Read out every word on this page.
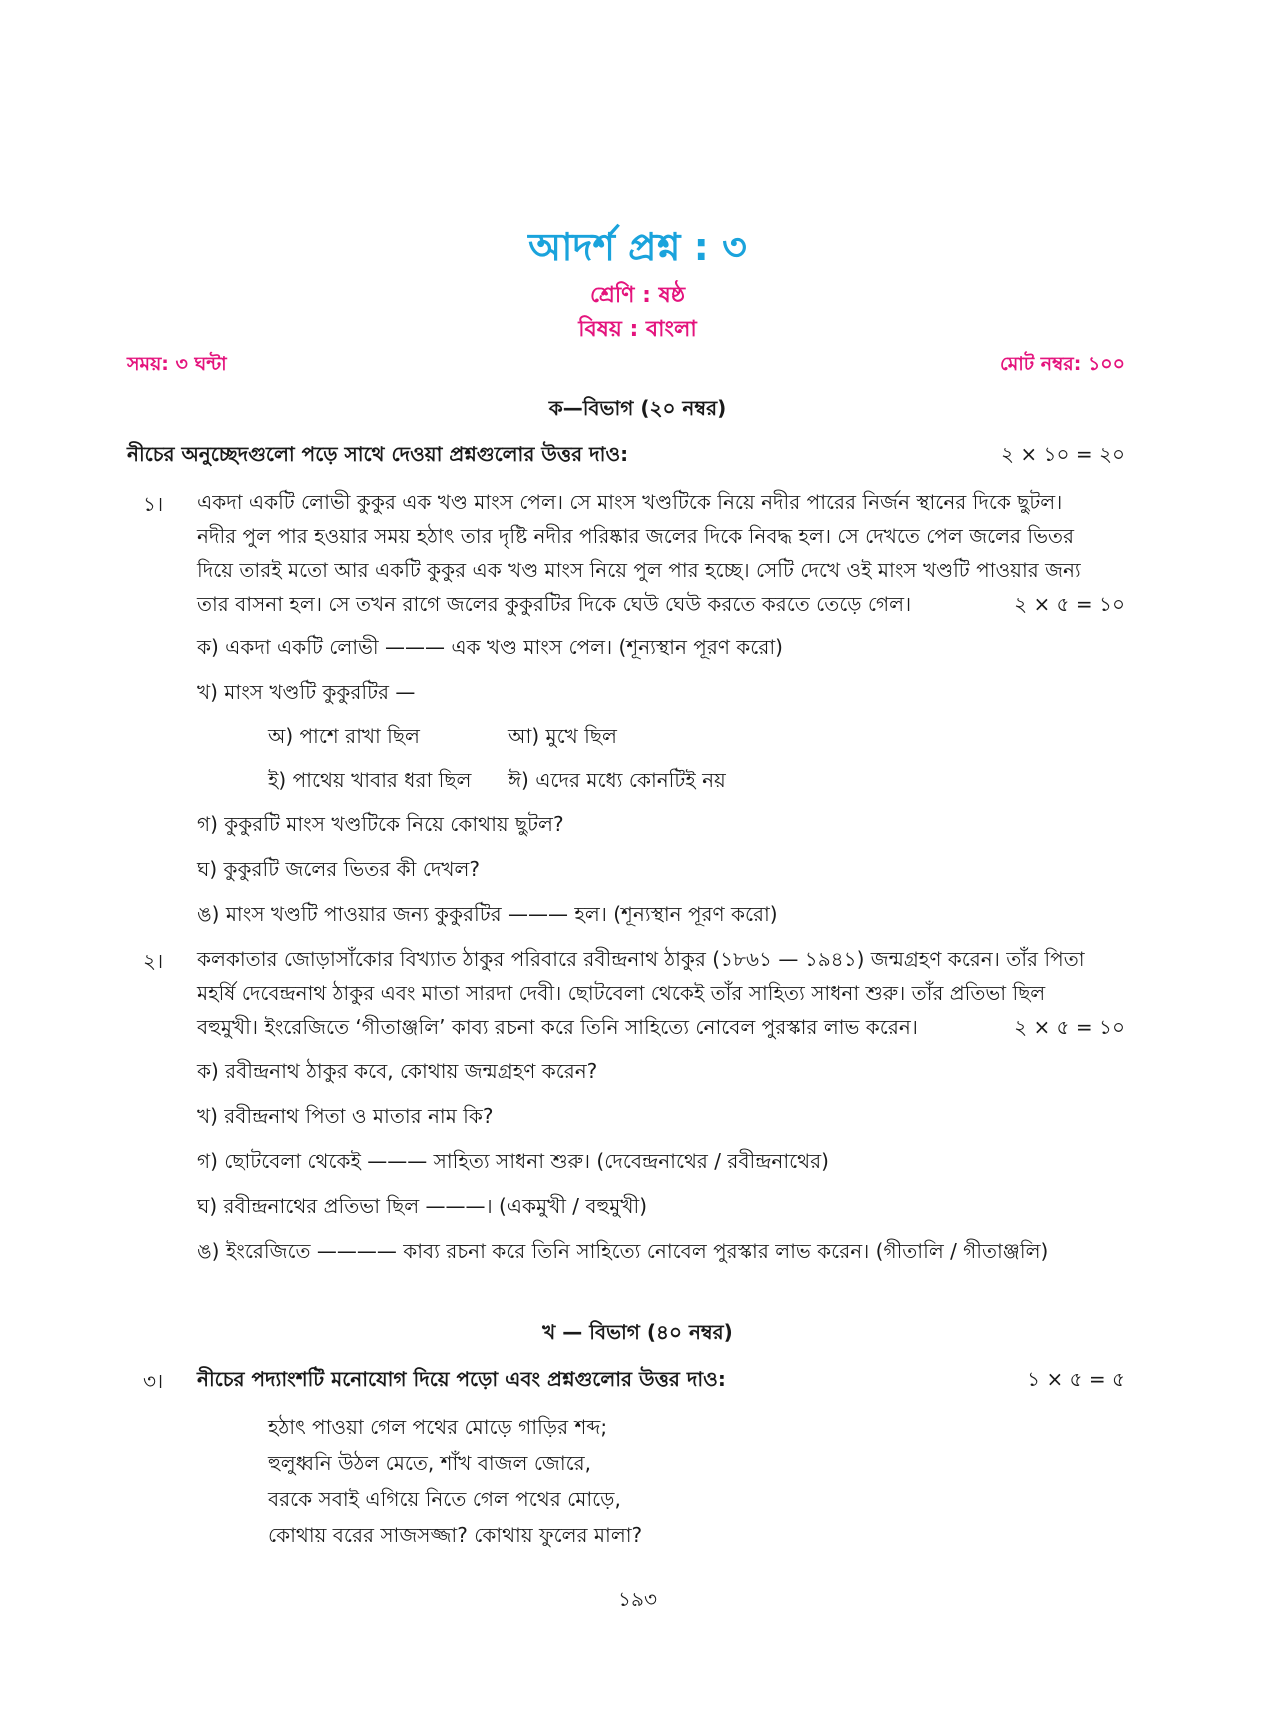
আদর্শ প্রশ্ন : ৩
শ্রেণি : ষষ্ঠ
বিষয় : বাংলা
সময়: ৩ ঘন্টা	মোট নম্বর: ১০০
ক—বিভাগ (২০ নম্বর)
নীচের অনুচ্ছেদগুলো পড়ে সাথে দেওয়া প্রশ্নগুলোর উত্তর দাও:	২ × ১০ = ২০
১। একদা একটি লোভী কুকুর এক খণ্ড মাংস পেল। সে মাংস খণ্ডটিকে নিয়ে নদীর পারের নির্জন স্থানের দিকে ছুটল।
নদীর পুল পার হওয়ার সময় হঠাৎ তার দৃষ্টি নদীর পরিষ্কার জলের দিকে নিবদ্ধ হল। সে দেখতে পেল জলের ভিতর
দিয়ে তারই মতো আর একটি কুকুর এক খণ্ড মাংস নিয়ে পুল পার হচ্ছে। সেটি দেখে ওই মাংস খণ্ডটি পাওয়ার জন্য
তার বাসনা হল। সে তখন রাগে জলের কুকুরটির দিকে ঘেউ ঘেউ করতে করতে তেড়ে গেল।	২ × ৫ = ১০
ক) একদা একটি লোভী ——— এক খণ্ড মাংস পেল। (শূন্যস্থান পূরণ করো)
খ) মাংস খণ্ডটি কুকুরটির —
অ) পাশে রাখা ছিল	আ) মুখে ছিল
ই) পাথেয় খাবার ধরা ছিল ঈ) এদের মধ্যে কোনটিই নয়
গ) কুকুরটি মাংস খণ্ডটিকে নিয়ে কোথায় ছুটল?
ঘ) কুকুরটি জলের ভিতর কী দেখল?
ঙ) মাংস খণ্ডটি পাওয়ার জন্য কুকুরটির ——— হল। (শূন্যস্থান পূরণ করো)
২। কলকাতার জোড়াসাঁকোর বিখ্যাত ঠাকুর পরিবারে রবীন্দ্রনাথ ঠাকুর (১৮৬১ — ১৯৪১) জন্মগ্রহণ করেন। তাঁর পিতা
মহর্ষি দেবেন্দ্রনাথ ঠাকুর এবং মাতা সারদা দেবী। ছোটবেলা থেকেই তাঁর সাহিত্য সাধনা শুরু। তাঁর প্রতিভা ছিল
বহুমুখী। ইংরেজিতে ‘গীতাঞ্জলি’ কাব্য রচনা করে তিনি সাহিত্যে নোবেল পুরস্কার লাভ করেন।	২ × ৫ = ১০
ক) রবীন্দ্রনাথ ঠাকুর কবে, কোথায় জন্মগ্রহণ করেন?
খ) রবীন্দ্রনাথ পিতা ও মাতার নাম কি?
গ) ছোটবেলা থেকেই ——— সাহিত্য সাধনা শুরু। (দেবেন্দ্রনাথের / রবীন্দ্রনাথের)
ঘ) রবীন্দ্রনাথের প্রতিভা ছিল ———। (একমুখী / বহুমুখী)
ঙ) ইংরেজিতে ———— কাব্য রচনা করে তিনি সাহিত্যে নোবেল পুরস্কার লাভ করেন। (গীতালি / গীতাঞ্জলি)
খ — বিভাগ (৪০ নম্বর)
৩। নীচের পদ্যাংশটি মনোযোগ দিয়ে পড়ো এবং প্রশ্নগুলোর উত্তর দাও:	১ × ৫ = ৫
হঠাৎ পাওয়া গেল পথের মোড়ে গাড়ির শব্দ;
হুলুধ্বনি উঠল মেতে, শাঁখ বাজল জোরে,
বরকে সবাই এগিয়ে নিতে গেল পথের মোড়ে,
কোথায় বরের সাজসজ্জা? কোথায় ফুলের মালা?
১৯৩
